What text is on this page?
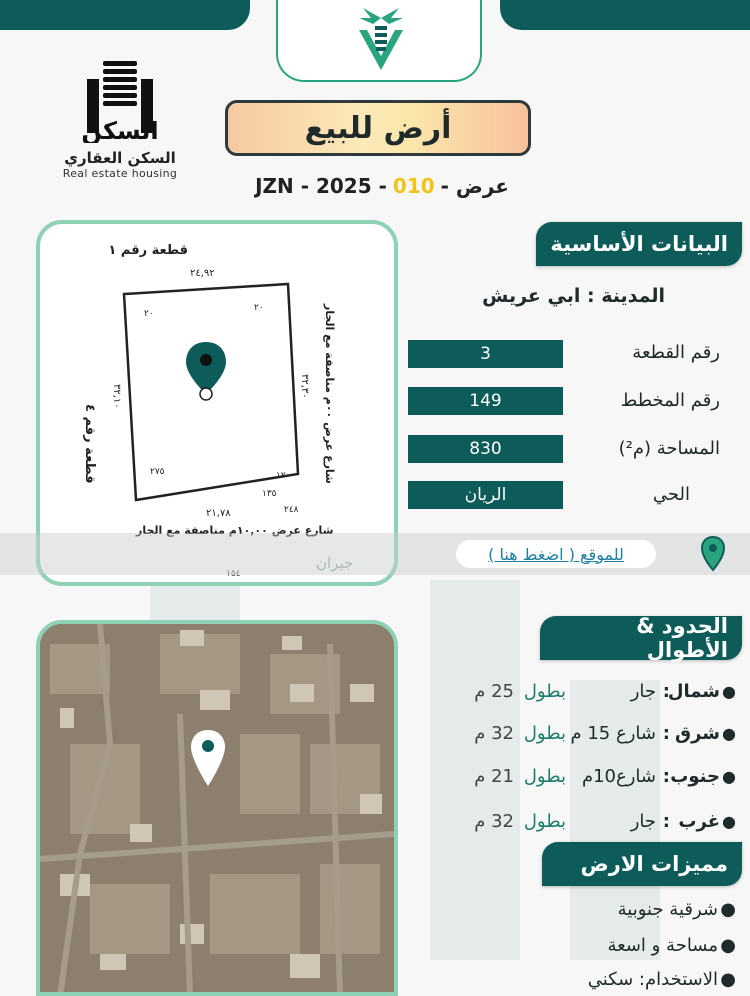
السكن
السكن العقاري
Real estate housing
أرض للبيع
JZN - 2025 - 010 - عرض
البيانات الأساسية
المدينة : ابي عريش
رقم القطعة
3
رقم المخطط
149
المساحة (م²)
830
الحي
الريان
قطعة رقم ١
٢٤,٩٢
قطعة رقم ٤
٣٢,١٠	شارع عرض ٠٠م مناصفة مع الجار
٣٢,٣٠
شارع عرض ١٠,٠٠م مناصفة مع الجار
٢١,٧٨
٢٠
٢٠
٢٧٥
١٣٥
١٢٠
٢٤٨
جيران
١٥٤
للموقع ( اضغط هنا )
الحدود & الأطوال
●
شمال
:
جار
بطول
25 م
●
شرق
:
شارع 15 م
بطول
32 م
●
جنوب
:
شارع10م
بطول
21 م
●
غرب
:
جار
بطول
32 م
مميزات الارض
●
شرقية جنوبية
●
مساحة و اسعة
●
الاستخدام: سكني
